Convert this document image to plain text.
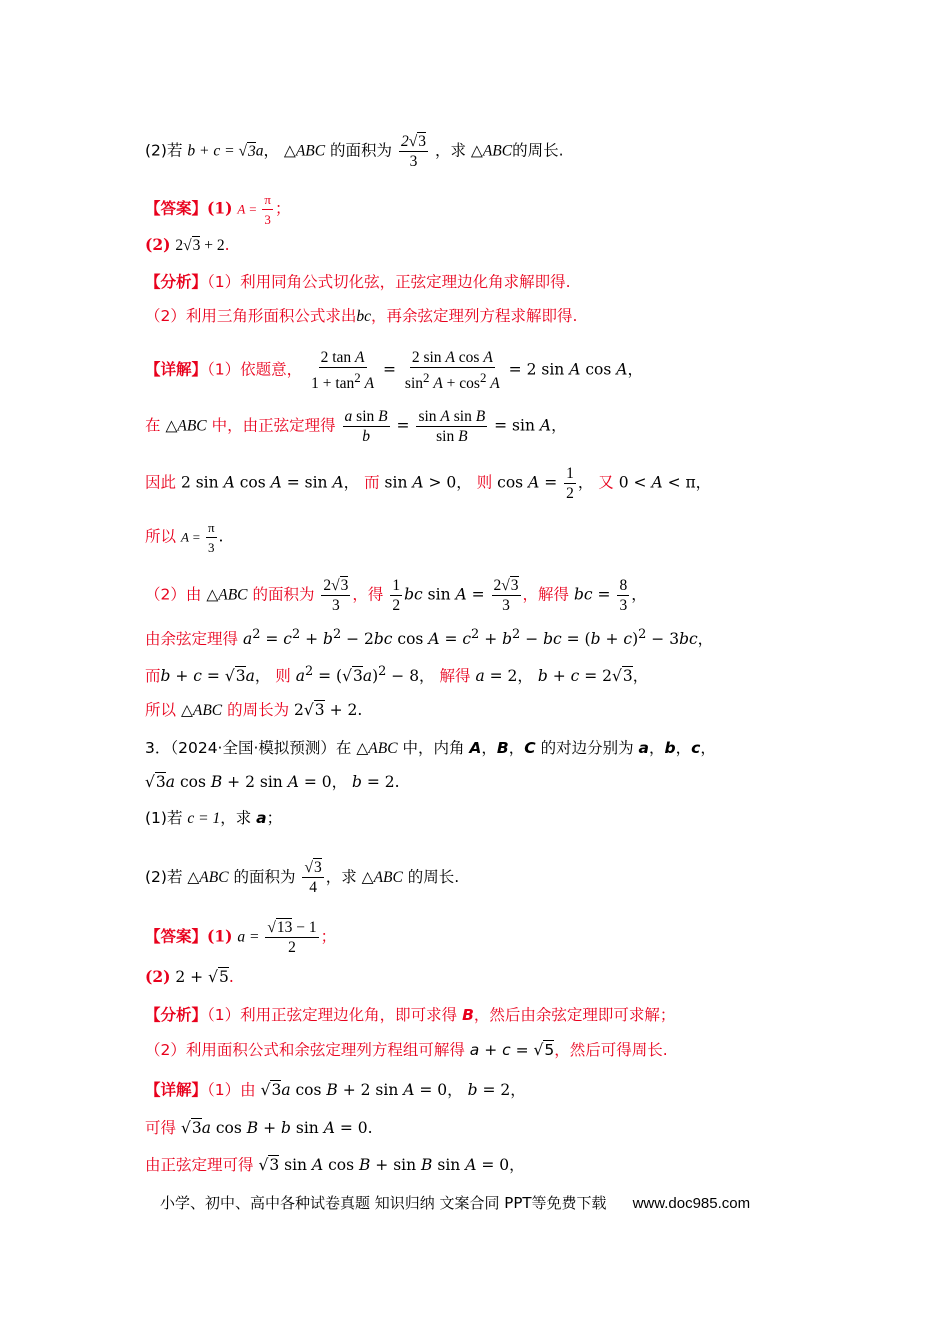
(2)若 b + c = √3a， △ABC 的面积为 $\frac{2√3}{3}$ ，求 △ABC的周长.
【答案】(1) $A = \frac{\pi}{3}$ ；
(2) 2√3 + 2.
【分析】（1）利用同角公式切化弦，正弦定理边化角求解即得.
（2）利用三角形面积公式求出bc，再余弦定理列方程求解即得.
【详解】（1）依题意， $\frac{\text{2 tan A}}{1 + \tan^2 A} = \frac{\text{2 sin A cos A}}{\sin^2 A + \cos^2 A} = 2$ sin A cos A，
在 △ABC 中，由正弦定理得 $\frac{\text{a sin B}}{b} = \frac{\text{sin A sin B}}{\text{sin B}} = \sin A$，
因此 2 sin A cos A = sin A， 而 sin A > 0， 则 $\cos A = \frac{1}{2}$ ， 又 0 < A < π，
所以 $A = \frac{\pi}{3}$ .
（2）由 △ABC 的面积为 $\frac{2√3}{3}$ ，得 $\frac{1}{2}$ bc $\sin A = \frac{2√3}{3}$ ，解得 bc = $\frac{8}{3}$ ，
由余弦定理得 $a^2 = c^2 + b^2 - 2bc$ $\cos A = c^2 + b^2$ − bc = $(b + c)^2 - 3bc$，
而b + c = √3a， 则 $a^2 = (√3a)^2 - 8$， 解得 a = 2， b + c = 2√3，
所以 △ABC 的周长为 2√3 + 2.
3．（2024·全国·模拟预测）在 △ABC 中，内角 A，B，C 的对边分别为 a，b，c，
√3a cos B + 2 sin A = 0， b = 2.
(1)若 c = 1，求 a；
(2)若 △ABC 的面积为 $\frac{√3}{4}$ ，求 △ABC 的周长.
【答案】(1) $a = \frac{√13 - 1}{2}$ ；
(2) 2 + √5.
【分析】（1）利用正弦定理边化角，即可求得 B，然后由余弦定理即可求解；
（2）利用面积公式和余弦定理列方程组可解得 a + c = √5，然后可得周长.
【详解】（1）由 √3a cos B + 2 sin A = 0， b = 2，
可得 √3a cos B + b sin A = 0.
由正弦定理可得 √3 sin A cos B + sin B sin A = 0，
小学、初中、高中各种试卷真题 知识归纳 文案合同 PPT等免费下载 www.doc985.com
